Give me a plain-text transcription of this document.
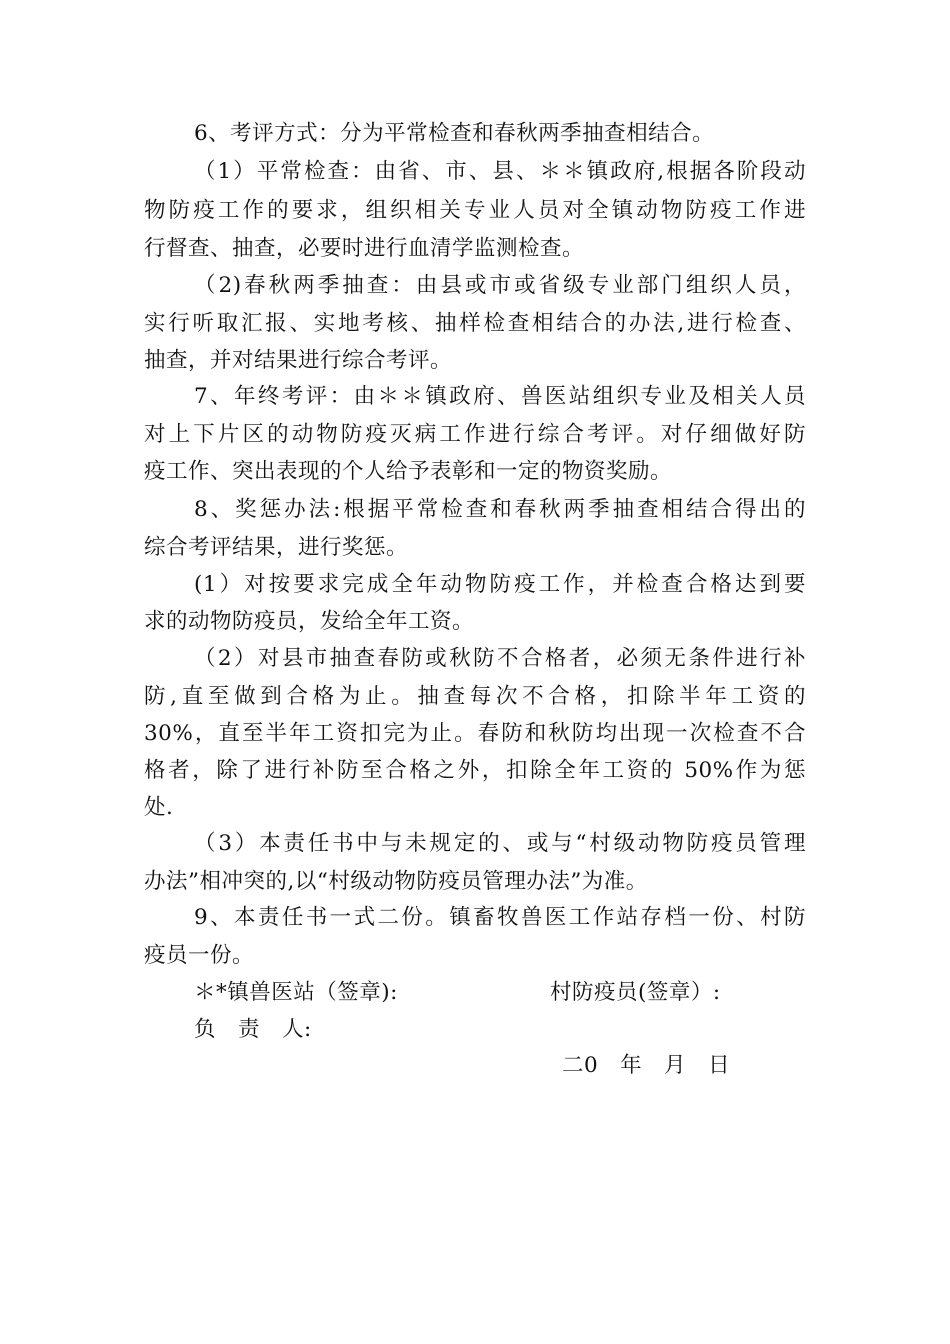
6、考评方式：分为平常检查和春秋两季抽查相结合。
（1）平常检查：由省、市、县、＊＊镇政府,根据各阶段动
物防疫工作的要求，组织相关专业人员对全镇动物防疫工作进
行督查、抽查，必要时进行血清学监测检查。
（2)春秋两季抽查：由县或市或省级专业部门组织人员，
实行听取汇报、实地考核、抽样检查相结合的办法,进行检查、
抽查，并对结果进行综合考评。
7、年终考评：由＊＊镇政府、兽医站组织专业及相关人员
对上下片区的动物防疫灭病工作进行综合考评。对仔细做好防
疫工作、突出表现的个人给予表彰和一定的物资奖励。
8、奖惩办法:根据平常检查和春秋两季抽查相结合得出的
综合考评结果，进行奖惩。
(1）对按要求完成全年动物防疫工作，并检查合格达到要
求的动物防疫员，发给全年工资。
（2）对县市抽查春防或秋防不合格者，必须无条件进行补
防,直至做到合格为止。抽查每次不合格，扣除半年工资的
30%，直至半年工资扣完为止。春防和秋防均出现一次检查不合
格者，除了进行补防至合格之外，扣除全年工资的 50%作为惩
处.
（3）本责任书中与未规定的、或与“村级动物防疫员管理
办法”相冲突的,以“村级动物防疫员管理办法”为准。
9、本责任书一式二份。镇畜牧兽医工作站存档一份、村防
疫员一份。
＊*镇兽医站（签章):	村防疫员(签章）:
负　责　人:
二0　年　月　日
